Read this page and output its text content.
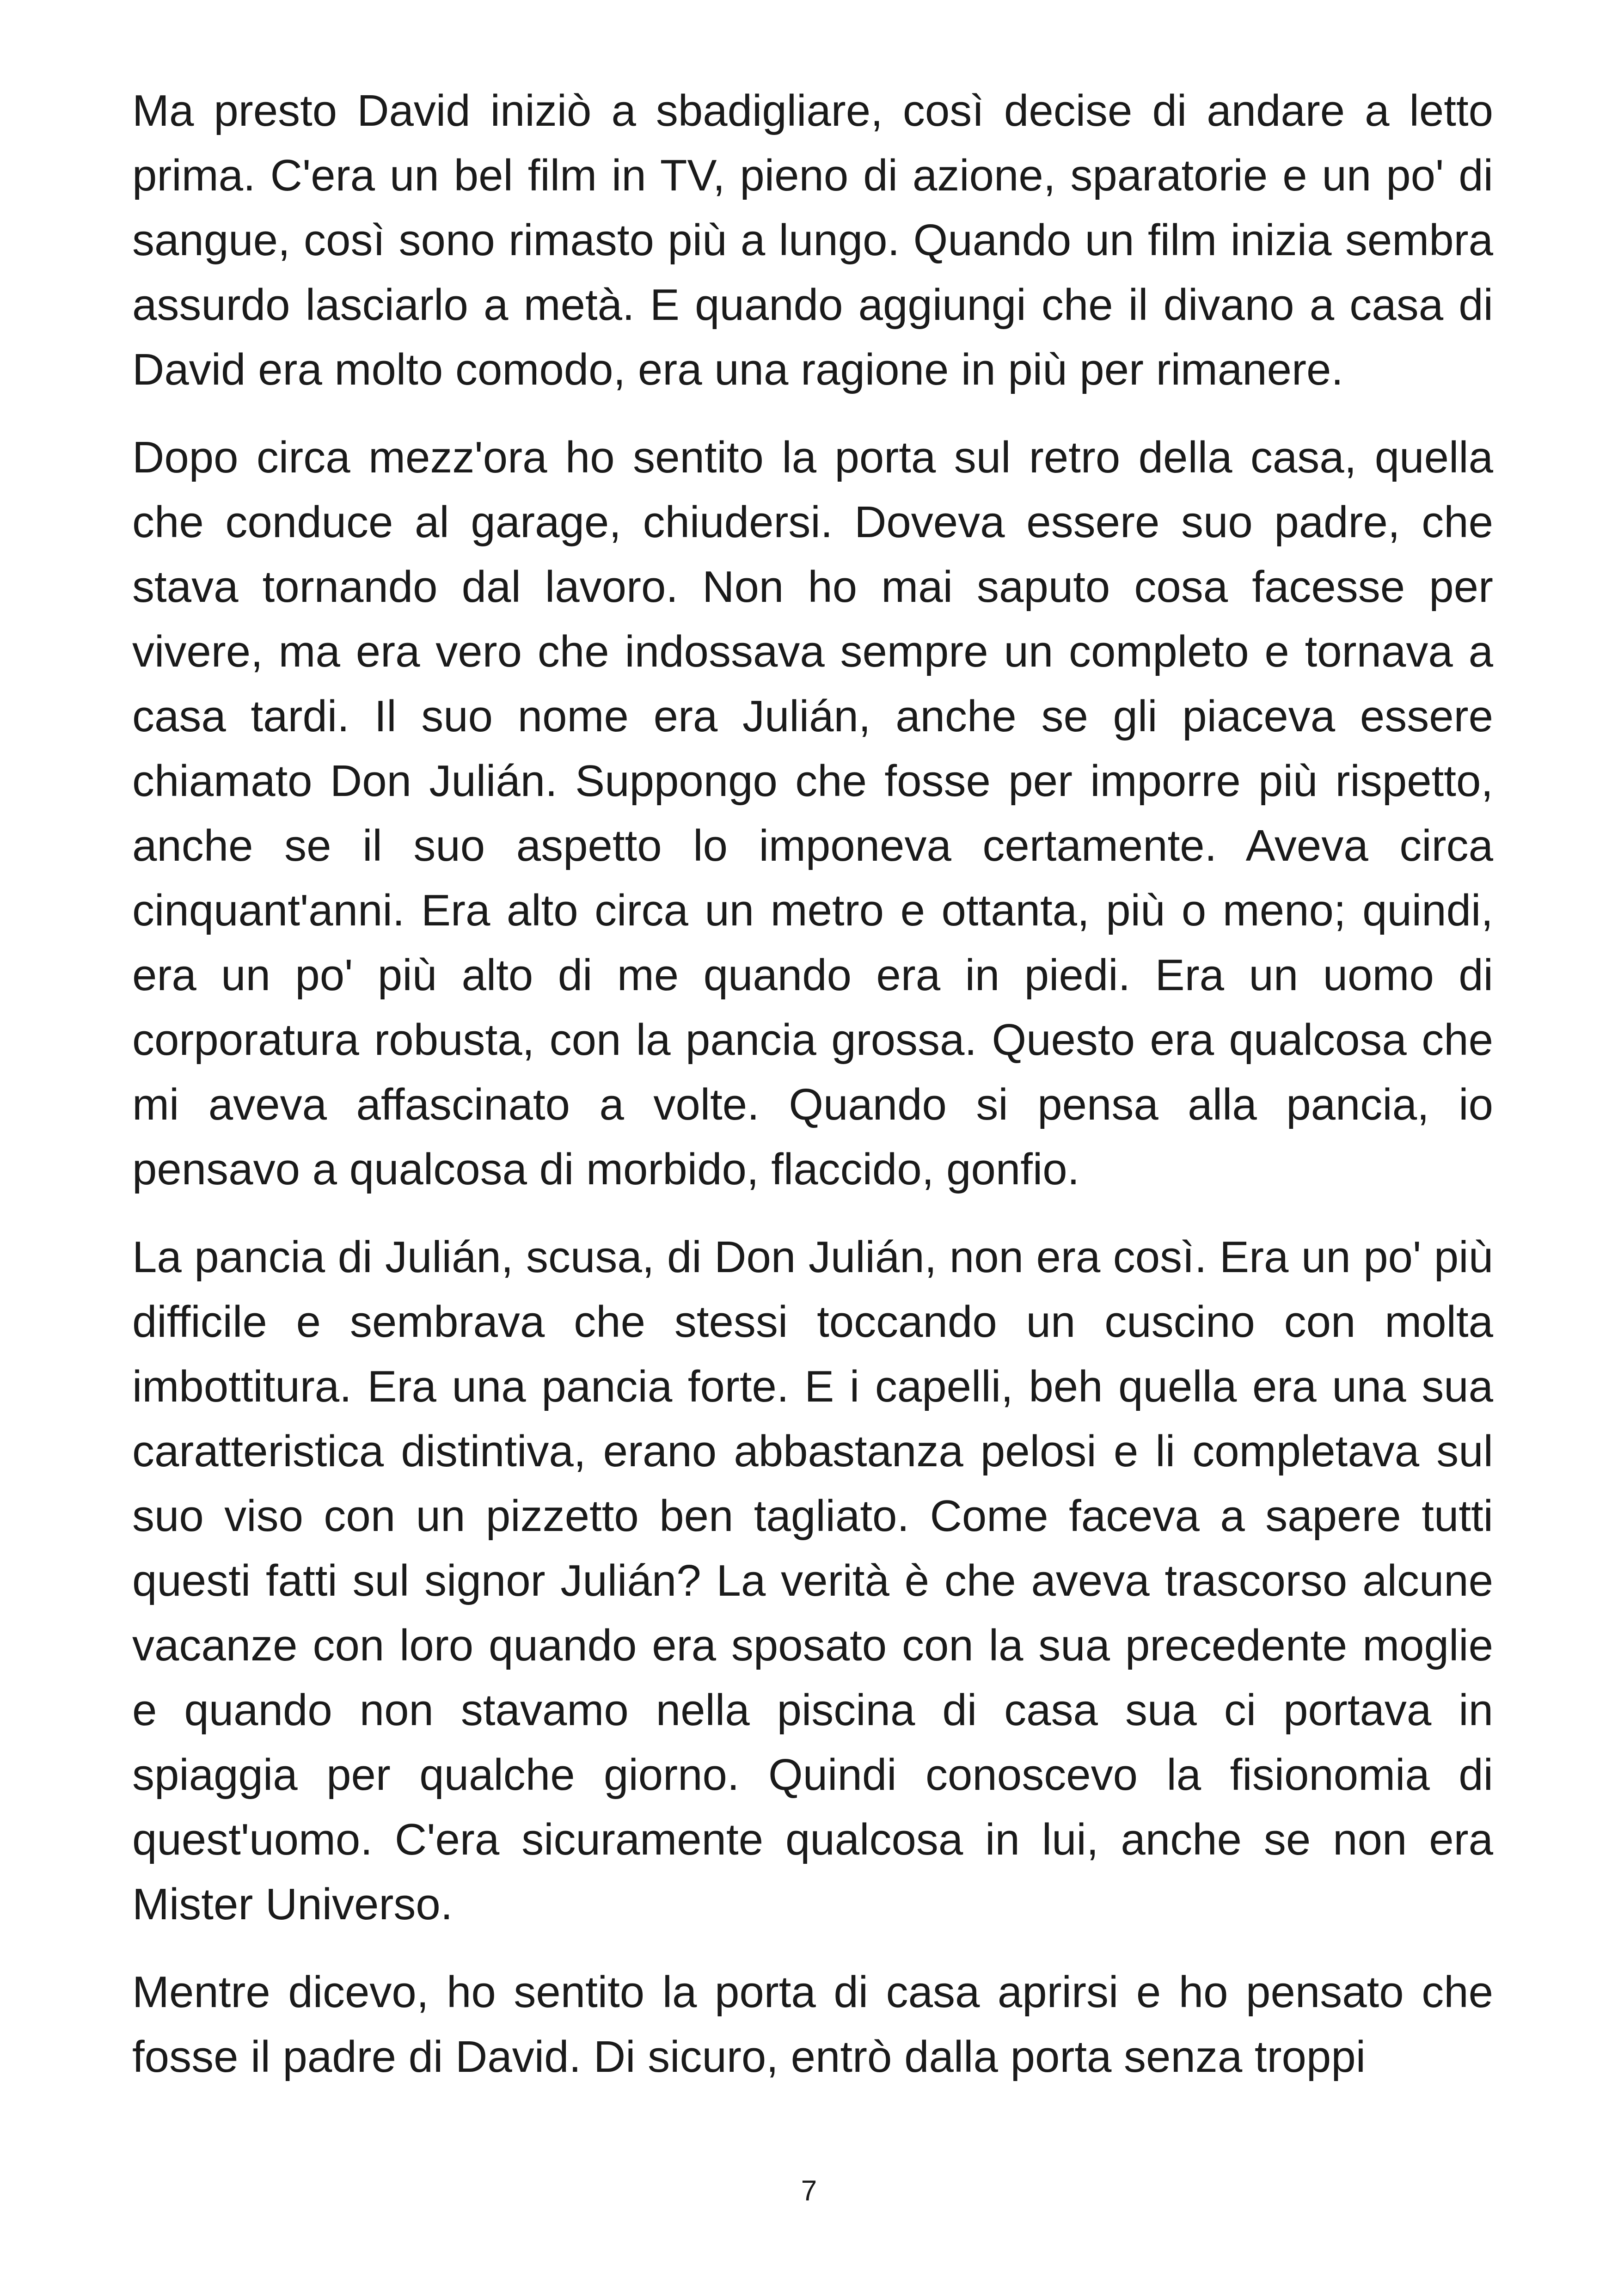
Ma presto David iniziò a sbadigliare, così decise di andare a letto prima. C'era un bel film in TV, pieno di azione, sparatorie e un po' di sangue, così sono rimasto più a lungo. Quando un film inizia sembra assurdo lasciarlo a metà. E quando aggiungi che il divano a casa di David era molto comodo, era una ragione in più per rimanere.

Dopo circa mezz'ora ho sentito la porta sul retro della casa, quella che conduce al garage, chiudersi. Doveva essere suo padre, che stava tornando dal lavoro. Non ho mai saputo cosa facesse per vivere, ma era vero che indossava sempre un completo e tornava a casa tardi. Il suo nome era Julián, anche se gli piaceva essere chiamato Don Julián. Suppongo che fosse per imporre più rispetto, anche se il suo aspetto lo imponeva certamente. Aveva circa cinquant'anni. Era alto circa un metro e ottanta, più o meno; quindi, era un po' più alto di me quando era in piedi. Era un uomo di corporatura robusta, con la pancia grossa. Questo era qualcosa che mi aveva affascinato a volte. Quando si pensa alla pancia, io pensavo a qualcosa di morbido, flaccido, gonfio.

La pancia di Julián, scusa, di Don Julián, non era così. Era un po' più difficile e sembrava che stessi toccando un cuscino con molta imbottitura. Era una pancia forte. E i capelli, beh quella era una sua caratteristica distintiva, erano abbastanza pelosi e li completava sul suo viso con un pizzetto ben tagliato. Come faceva a sapere tutti questi fatti sul signor Julián? La verità è che aveva trascorso alcune vacanze con loro quando era sposato con la sua precedente moglie e quando non stavamo nella piscina di casa sua ci portava in spiaggia per qualche giorno. Quindi conoscevo la fisionomia di quest'uomo. C'era sicuramente qualcosa in lui, anche se non era Mister Universo.

Mentre dicevo, ho sentito la porta di casa aprirsi e ho pensato che fosse il padre di David. Di sicuro, entrò dalla porta senza troppi

7
